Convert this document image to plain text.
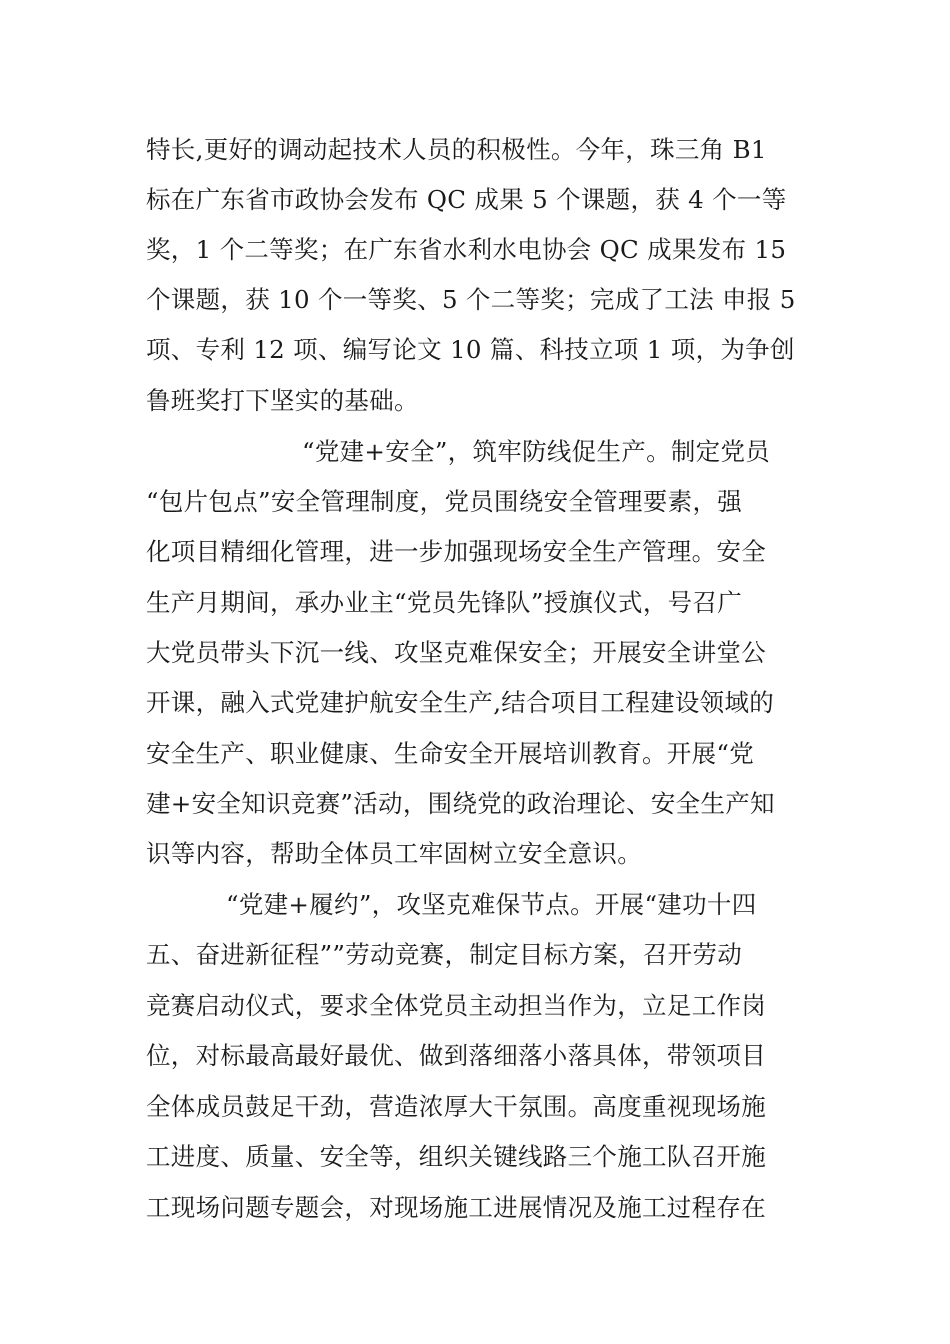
特长,更好的调动起技术人员的积极性。今年，珠三角 B1
标在广东省市政协会发布 QC 成果 5 个课题，获 4 个一等
奖，1 个二等奖；在广东省水利水电协会 QC 成果发布 15
个课题，获 10 个一等奖、5 个二等奖；完成了工法 申报 5
项、专利 12 项、编写论文 10 篇、科技立项 1 项，为争创
鲁班奖打下坚实的基础。
“党建+安全”，筑牢防线促生产。制定党员
“包片包点”安全管理制度，党员围绕安全管理要素，强
化项目精细化管理，进一步加强现场安全生产管理。安全
生产月期间，承办业主“党员先锋队”授旗仪式，号召广
大党员带头下沉一线、攻坚克难保安全；开展安全讲堂公
开课，融入式党建护航安全生产,结合项目工程建设领域的
安全生产、职业健康、生命安全开展培训教育。开展“党
建+安全知识竞赛”活动，围绕党的政治理论、安全生产知
识等内容，帮助全体员工牢固树立安全意识。
“党建+履约”，攻坚克难保节点。开展“建功十四
五、奋进新征程””劳动竞赛，制定目标方案，召开劳动
竞赛启动仪式，要求全体党员主动担当作为，立足工作岗
位，对标最高最好最优、做到落细落小落具体，带领项目
全体成员鼓足干劲，营造浓厚大干氛围。高度重视现场施
工进度、质量、安全等，组织关键线路三个施工队召开施
工现场问题专题会，对现场施工进展情况及施工过程存在
